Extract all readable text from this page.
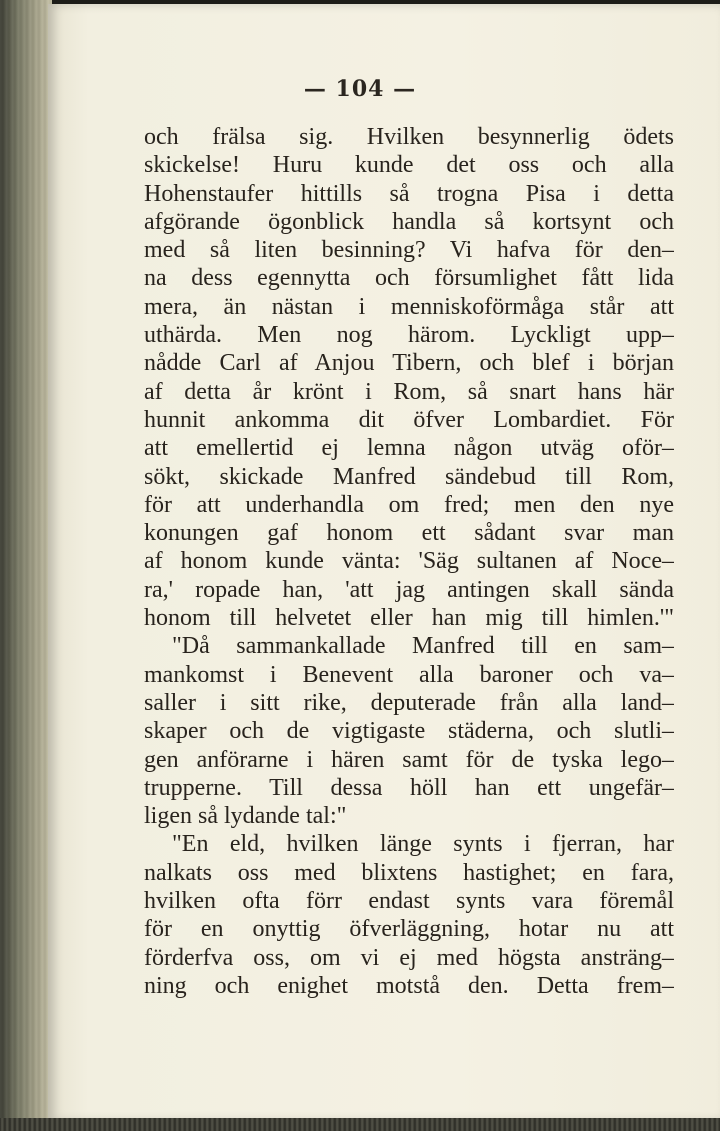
— 104 —
och frälsa sig. Hvilken besynnerlig ödets
skickelse! Huru kunde det oss och alla
Hohenstaufer hittills så trogna Pisa i detta
afgörande ögonblick handla så kortsynt och
med så liten besinning? Vi hafva för den–
na dess egennytta och försumlighet fått lida
mera, än nästan i menniskoförmåga står att
uthärda. Men nog härom. Lyckligt upp–
nådde Carl af Anjou Tibern, och blef i början
af detta år krönt i Rom, så snart hans här
hunnit ankomma dit öfver Lombardiet. För
att emellertid ej lemna någon utväg oför–
sökt, skickade Manfred sändebud till Rom,
för att underhandla om fred; men den nye
konungen gaf honom ett sådant svar man
af honom kunde vänta: 'Säg sultanen af Noce–
ra,' ropade han, 'att jag antingen skall sända
honom till helvetet eller han mig till himlen.'"
"Då sammankallade Manfred till en sam–
mankomst i Benevent alla baroner och va–
saller i sitt rike, deputerade från alla land–
skaper och de vigtigaste städerna, och slutli–
gen anförarne i hären samt för de tyska lego–
trupperne. Till dessa höll han ett ungefär–
ligen så lydande tal:"
"En eld, hvilken länge synts i fjerran, har
nalkats oss med blixtens hastighet; en fara,
hvilken ofta förr endast synts vara föremål
för en onyttig öfverläggning, hotar nu att
förderfva oss, om vi ej med högsta ansträng–
ning och enighet motstå den. Detta frem–
